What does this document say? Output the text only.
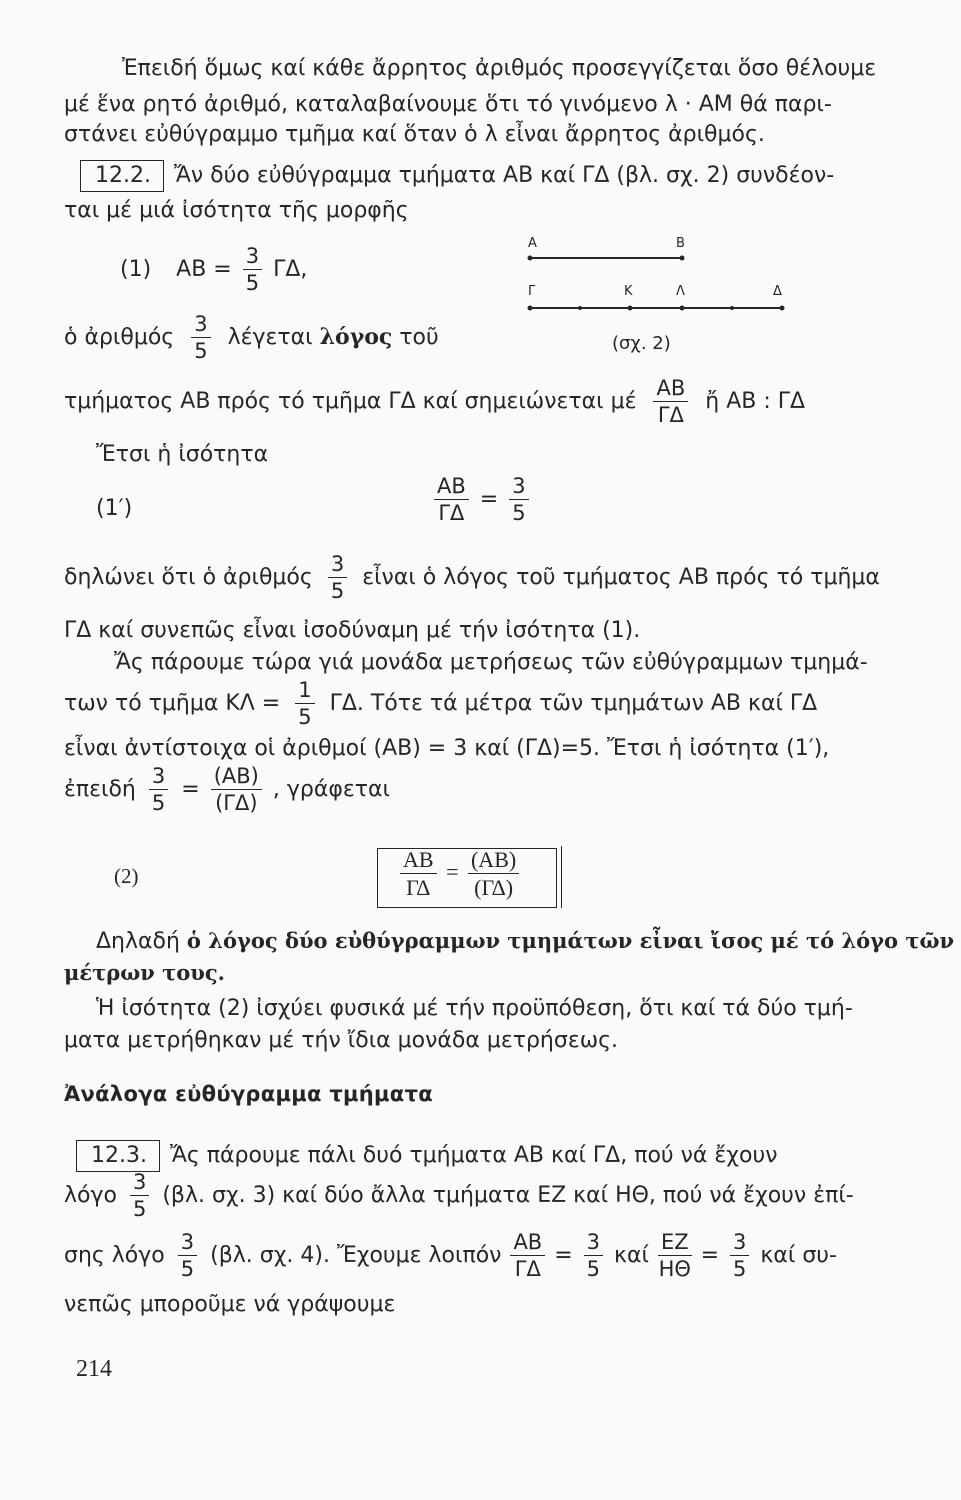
Ἐπειδή ὅμως καί κάθε ἄρρητος ἀριθμός προσεγγίζεται ὅσο θέλουμε
μέ ἕνα ρητό ἀριθμό, καταλαβαίνουμε ὅτι τό γινόμενο λ · ΑΜ θά παρι-
στάνει εὐθύγραμμο τμῆμα καί ὅταν ὁ λ εἶναι ἄρρητος ἀριθμός.
12.2. Ἄν δύο εὐθύγραμμα τμήματα ΑΒ καί ΓΔ (βλ. σχ. 2) συνδέον-
ται μέ μιά ἰσότητα τῆς μορφῆς
(1) $AB = \frac{3}{5} \Gamma\Delta$,
Α	Β
Γ	Κ	Λ	Δ
(σχ. 2)
ὁ ἀριθμός $\frac{3}{5}$ λέγεται λόγος τοῦ
τμήματος ΑΒ πρός τό τμῆμα ΓΔ καί σημειώνεται μέ $\frac{AB}{\Gamma\Delta}$ ἤ ΑΒ : ΓΔ
Ἔτσι ἡ ἰσότητα
(1′)	$\frac{AB}{\Gamma\Delta} = \frac{3}{5}$
δηλώνει ὅτι ὁ ἀριθμός $\frac{3}{5}$ εἶναι ὁ λόγος τοῦ τμήματος ΑΒ πρός τό τμῆμα
ΓΔ καί συνεπῶς εἶναι ἰσοδύναμη μέ τήν ἰσότητα (1).
Ἄς πάρουμε τώρα γιά μονάδα μετρήσεως τῶν εὐθύγραμμων τμημά-
των τό τμῆμα $K\Lambda = \frac{1}{5} \Gamma\Delta$. Τότε τά μέτρα τῶν τμημάτων ΑΒ καί ΓΔ
εἶναι ἀντίστοιχα οἱ ἀριθμοί (ΑΒ) = 3 καί (ΓΔ)=5. Ἔτσι ἡ ἰσότητα (1′),
ἐπειδή $\frac{3}{5} = \frac{(AB)}{(\Gamma\Delta)}$ , γράφεται
(2)	$\frac{AB}{\Gamma\Delta} = \frac{(AB)}{(\Gamma\Delta)}$
Δηλαδή ὁ λόγος δύο εὐθύγραμμων τμημάτων εἶναι ἴσος μέ τό λόγο τῶν
μέτρων τους.
Ἡ ἰσότητα (2) ἰσχύει φυσικά μέ τήν προϋπόθεση, ὅτι καί τά δύο τμή-
ματα μετρήθηκαν μέ τήν ἴδια μονάδα μετρήσεως.
Ἀνάλογα εὐθύγραμμα τμήματα
12.3. Ἄς πάρουμε πάλι δυό τμήματα ΑΒ καί ΓΔ, πού νά ἔχουν
λόγο $\frac{3}{5} (\beta\lambda$. σχ. 3) καί δύο ἄλλα τμήματα ΕΖ καί ΗΘ, πού νά ἔχουν ἐπί-
σης λόγο $\frac{3}{5} (\beta\lambda$. σχ. 4). Ἔχουμε λοιπόν $\frac{AB}{\Gamma\Delta} = \frac{3}{5}$ καί $\frac{EZ}{H\Theta} = \frac{3}{5}$ καί συ-
νεπῶς μποροῦμε νά γράψουμε
214
